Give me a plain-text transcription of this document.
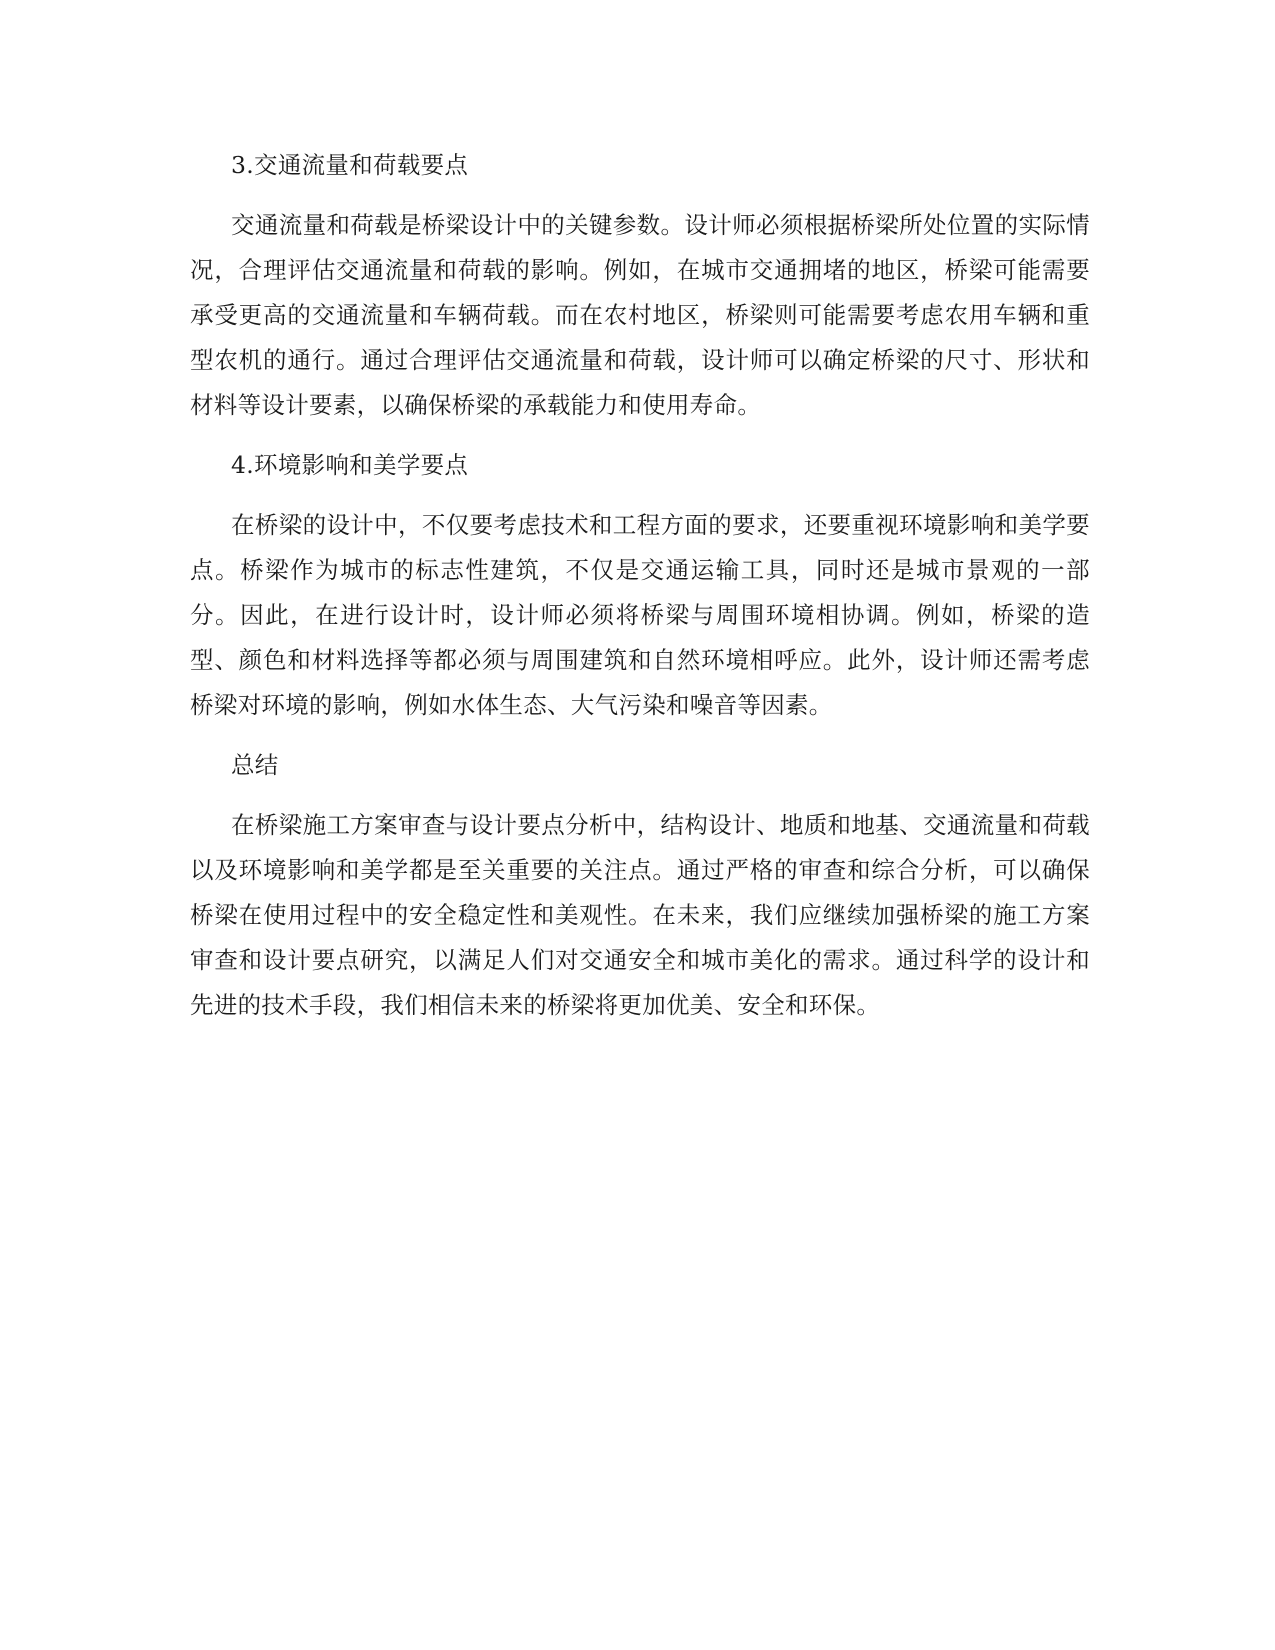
3.交通流量和荷载要点

交通流量和荷载是桥梁设计中的关键参数。设计师必须根据桥梁所处位置的实际情况，合理评估交通流量和荷载的影响。例如，在城市交通拥堵的地区，桥梁可能需要承受更高的交通流量和车辆荷载。而在农村地区，桥梁则可能需要考虑农用车辆和重型农机的通行。通过合理评估交通流量和荷载，设计师可以确定桥梁的尺寸、形状和材料等设计要素，以确保桥梁的承载能力和使用寿命。

4.环境影响和美学要点

在桥梁的设计中，不仅要考虑技术和工程方面的要求，还要重视环境影响和美学要点。桥梁作为城市的标志性建筑，不仅是交通运输工具，同时还是城市景观的一部分。因此，在进行设计时，设计师必须将桥梁与周围环境相协调。例如，桥梁的造型、颜色和材料选择等都必须与周围建筑和自然环境相呼应。此外，设计师还需考虑桥梁对环境的影响，例如水体生态、大气污染和噪音等因素。

总结

在桥梁施工方案审查与设计要点分析中，结构设计、地质和地基、交通流量和荷载以及环境影响和美学都是至关重要的关注点。通过严格的审查和综合分析，可以确保桥梁在使用过程中的安全稳定性和美观性。在未来，我们应继续加强桥梁的施工方案审查和设计要点研究，以满足人们对交通安全和城市美化的需求。通过科学的设计和先进的技术手段，我们相信未来的桥梁将更加优美、安全和环保。
